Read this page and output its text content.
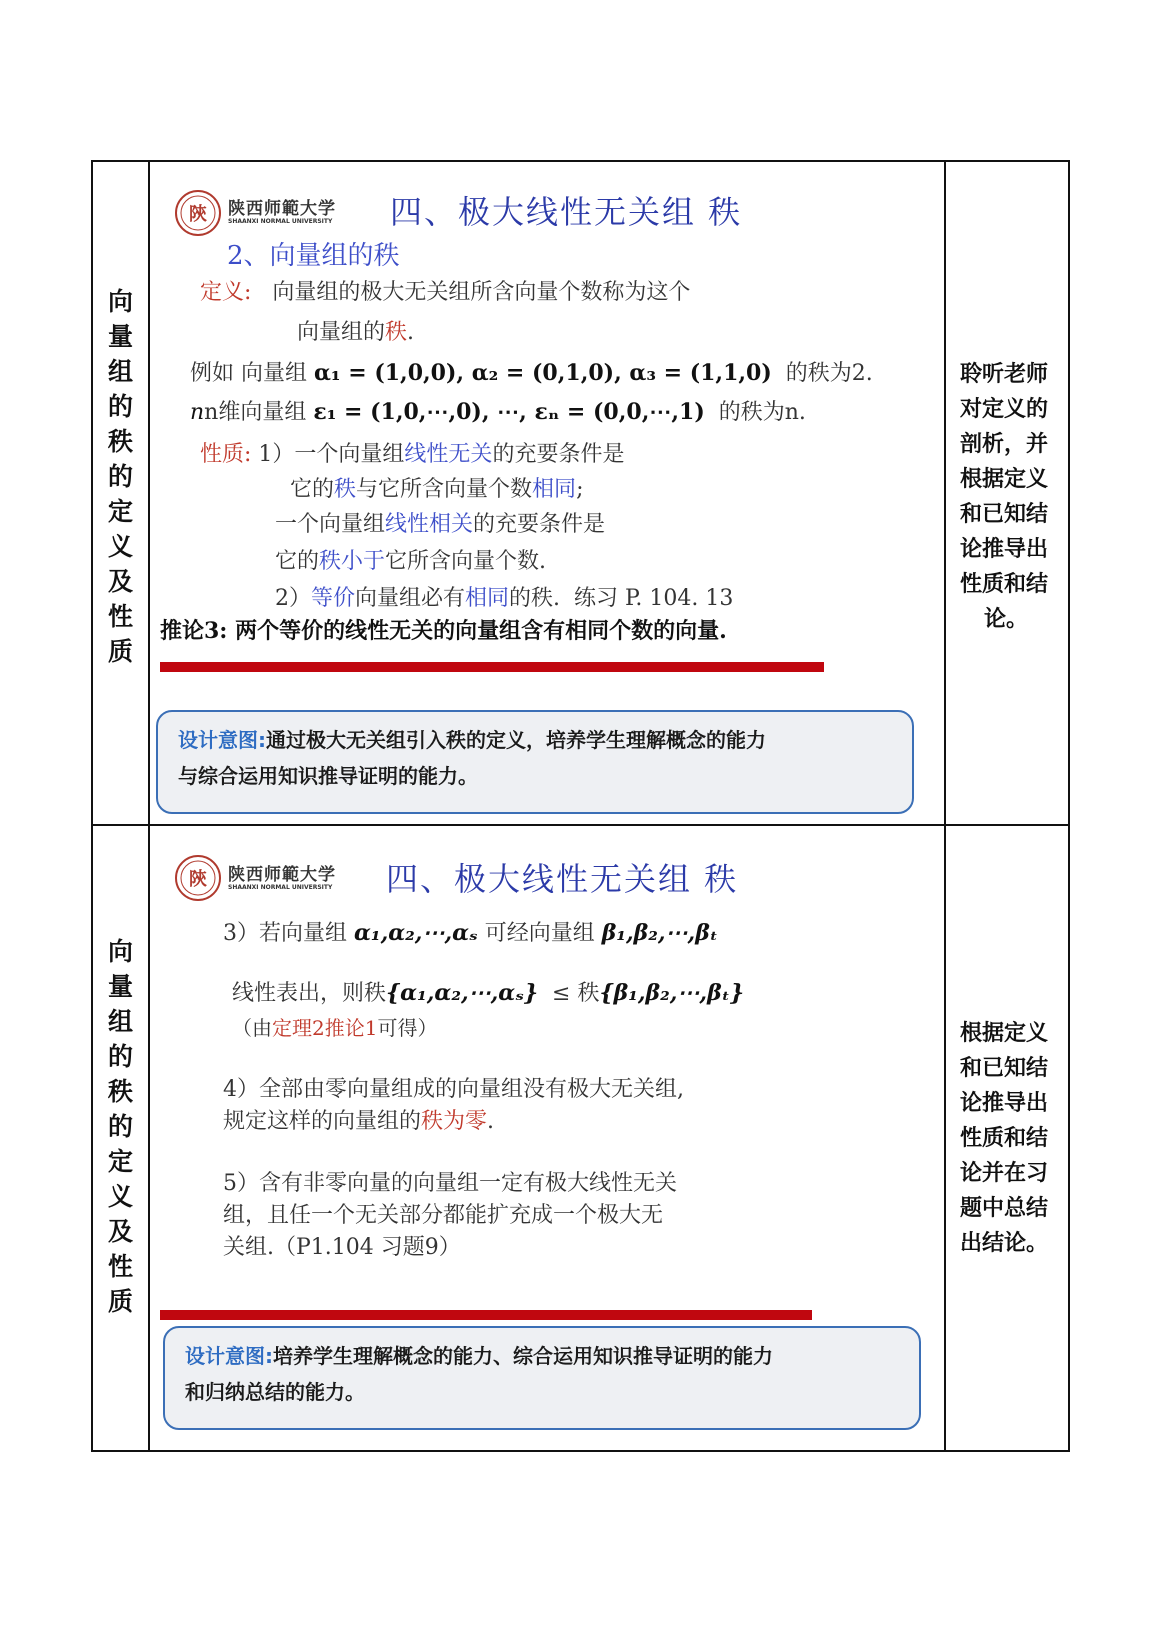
向
量
组
的
秩
的
定
义
及
性
质
陝 陕西师範大学
SHAANXI NORMAL UNIVERSITY 四、极大线性无关组 秩
2、向量组的秩
定义: 向量组的极大无关组所含向量个数称为这个
向量组的秩.
例如 向量组 α₁ = (1,0,0), α₂ = (0,1,0), α₃ = (1,1,0) 的秩为2.
nn维向量组 ε₁ = (1,0,⋯,0), ⋯, εₙ = (0,0,⋯,1) 的秩为n.
性质: 1）一个向量组线性无关的充要条件是
它的秩与它所含向量个数相同;
一个向量组线性相关的充要条件是
它的秩小于它所含向量个数.
2）等价向量组必有相同的秩. 练习 P. 104. 13
推论3: 两个等价的线性无关的向量组含有相同个数的向量.
设计意图:通过极大无关组引入秩的定义，培养学生理解概念的能力
与综合运用知识推导证明的能力。
聆听老师
对定义的
剖析，并
根据定义
和已知结
论推导出
性质和结
论。
向
量
组
的
秩
的
定
义
及
性
质
陝 陕西师範大学
SHAANXI NORMAL UNIVERSITY 四、极大线性无关组 秩
3）若向量组 α₁,α₂,⋯,αₛ 可经向量组 β₁,β₂,⋯,βₜ
线性表出，则秩{α₁,α₂,⋯,αₛ} ≤ 秩{β₁,β₂,⋯,βₜ}
（由定理2推论1可得）
4）全部由零向量组成的向量组没有极大无关组,
规定这样的向量组的秩为零.
5）含有非零向量的向量组一定有极大线性无关
组，且任一个无关部分都能扩充成一个极大无
关组.（P1.104 习题9）
设计意图:培养学生理解概念的能力、综合运用知识推导证明的能力
和归纳总结的能力。
根据定义
和已知结
论推导出
性质和结
论并在习
题中总结
出结论。
